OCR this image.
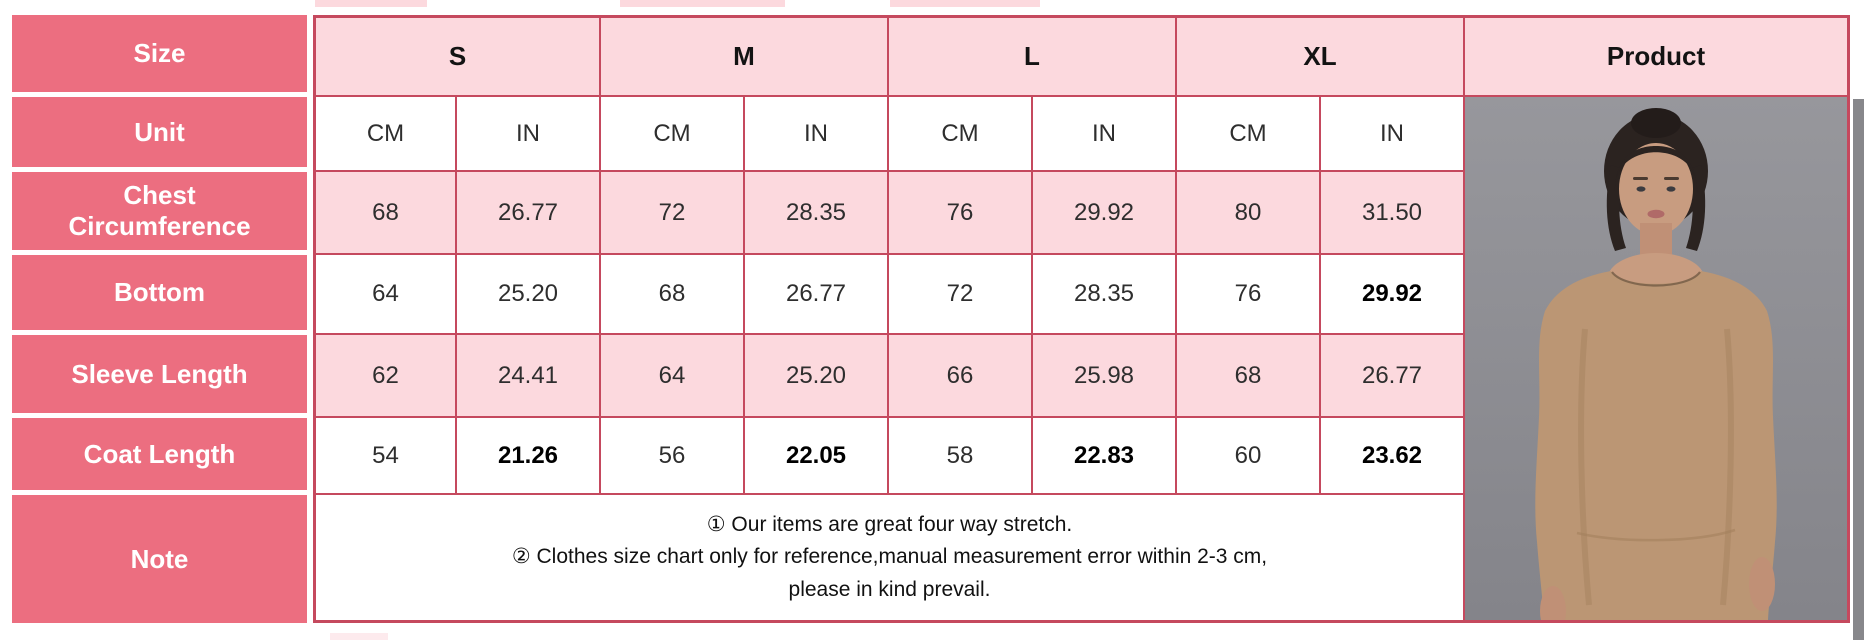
Size		S		M		L		XL		Product
Unit		CM	IN	CM	IN	CM	IN	CM	IN	

Chest Circumference		68	26.77	72	28.35	76	29.92	80	31.50	
Bottom		64	25.20	68	26.77	72	28.35	76	29.92	
Sleeve Length		62	24.41	64	25.20	66	25.98	68	26.77	
Coat Length		54	21.26	56	22.05	58	22.83	60	23.62	
Note		① Our items are great four way stretch.
② Clothes size chart only for reference,manual measurement error within 2-3 cm,
please in kind prevail.								
